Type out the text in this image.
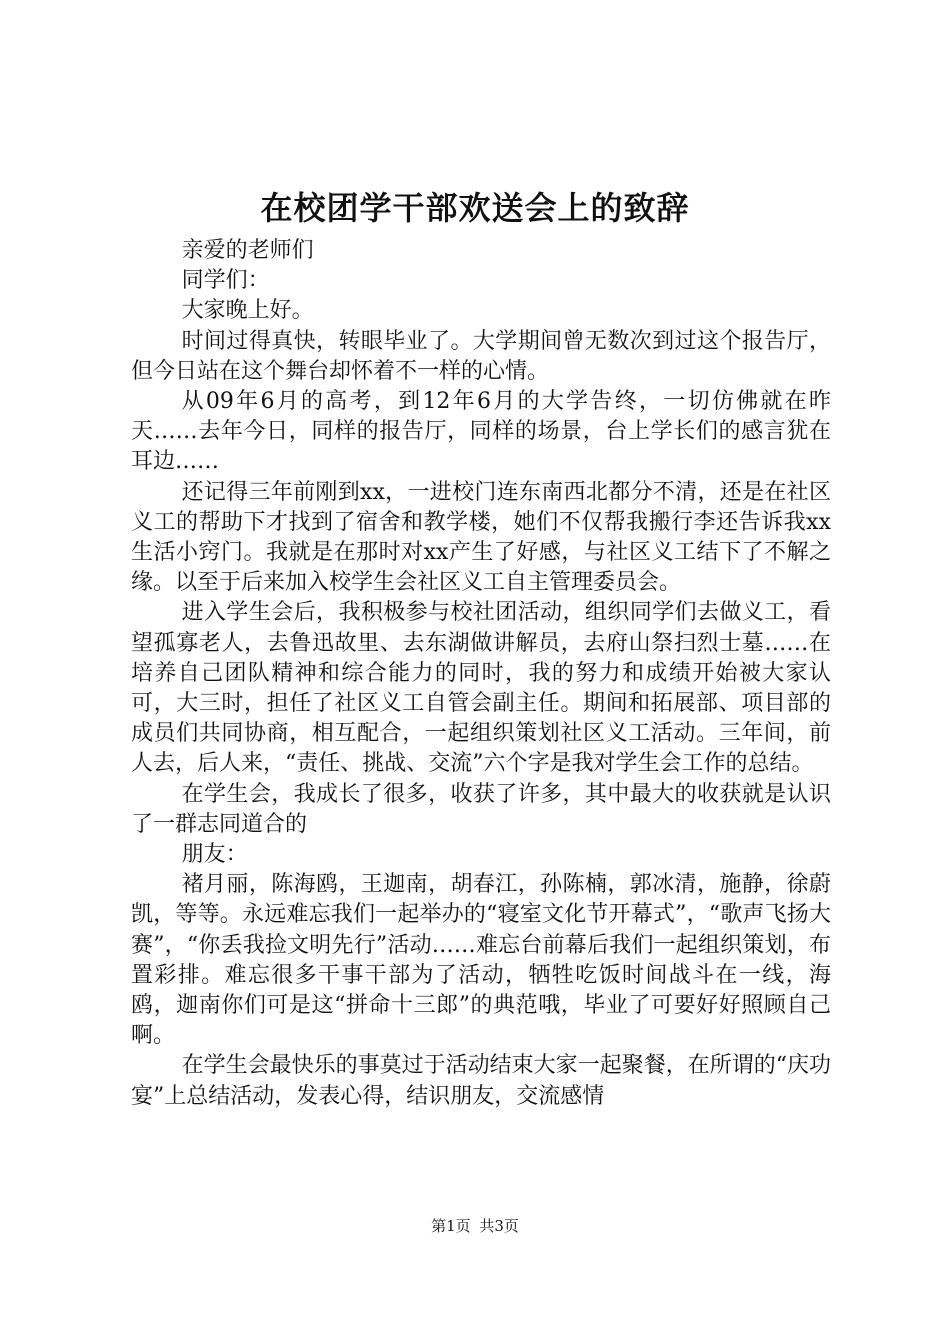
在校团学干部欢送会上的致辞

亲爱的老师们

同学们：

大家晚上好。

时间过得真快，转眼毕业了。大学期间曾无数次到过这个报告厅，但今日站在这个舞台却怀着不一样的心情。

从09年6月的高考，到12年6月的大学告终，一切仿佛就在昨天……去年今日，同样的报告厅，同样的场景，台上学长们的感言犹在耳边……

还记得三年前刚到xx，一进校门连东南西北都分不清，还是在社区义工的帮助下才找到了宿舍和教学楼，她们不仅帮我搬行李还告诉我xx生活小窍门。我就是在那时对xx产生了好感，与社区义工结下了不解之缘。以至于后来加入校学生会社区义工自主管理委员会。

进入学生会后，我积极参与校社团活动，组织同学们去做义工，看望孤寡老人，去鲁迅故里、去东湖做讲解员，去府山祭扫烈士墓……在培养自己团队精神和综合能力的同时，我的努力和成绩开始被大家认可，大三时，担任了社区义工自管会副主任。期间和拓展部、项目部的成员们共同协商，相互配合，一起组织策划社区义工活动。三年间，前人去，后人来，“责任、挑战、交流”六个字是我对学生会工作的总结。

在学生会，我成长了很多，收获了许多，其中最大的收获就是认识了一群志同道合的

朋友：

褚月丽，陈海鸥，王迦南，胡春江，孙陈楠，郭冰清，施静，徐蔚凯，等等。永远难忘我们一起举办的“寝室文化节开幕式”，“歌声飞扬大赛”，“你丢我捡文明先行”活动……难忘台前幕后我们一起组织策划，布置彩排。难忘很多干事干部为了活动，牺牲吃饭时间战斗在一线，海鸥，迦南你们可是这“拼命十三郎”的典范哦，毕业了可要好好照顾自己啊。

在学生会最快乐的事莫过于活动结束大家一起聚餐，在所谓的“庆功宴”上总结活动，发表心得，结识朋友，交流感情

第1页 共3页
